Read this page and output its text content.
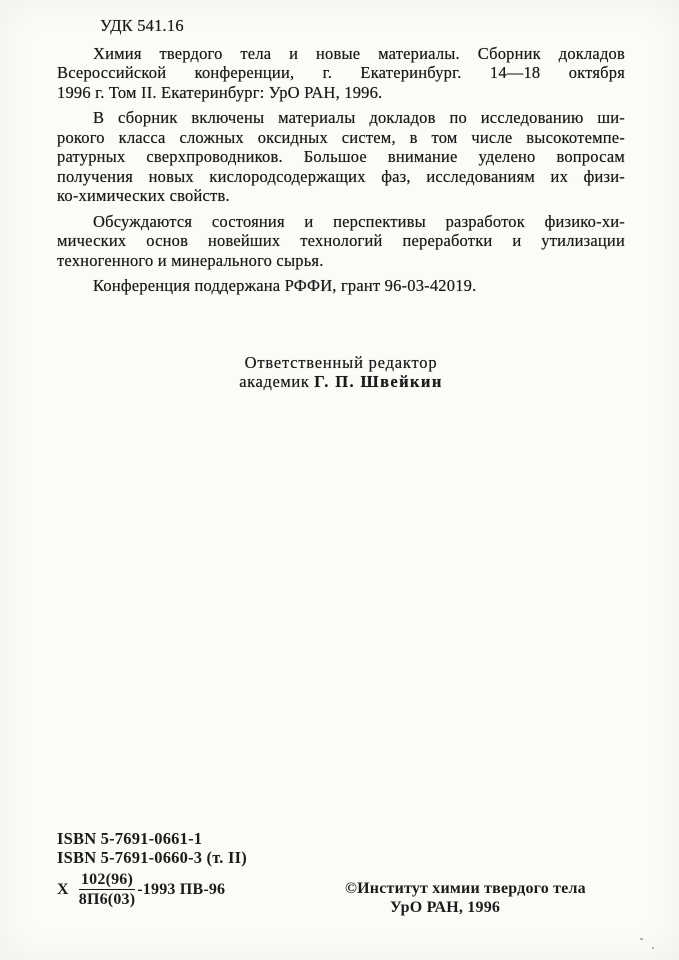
УДК 541.16
Химия твердого тела и новые материалы. Сборник докладов
Всероссийской конференции, г. Екатеринбург. 14—18 октября
1996 г. Том II. Екатеринбург: УрО РАН, 1996.
В сборник включены материалы докладов по исследованию ши-
рокого класса сложных оксидных систем, в том числе высокотемпе-
ратурных сверхпроводников. Большое внимание уделено вопросам
получения новых кислородсодержащих фаз, исследованиям их физи-
ко-химических свойств.
Обсуждаются состояния и перспективы разработок физико-хи-
мических основ новейших технологий переработки и утилизации
техногенного и минерального сырья.
Конференция поддержана РФФИ, грант 96-03-42019.
Ответственный редактор
академик Г. П. Швейкин
ISBN 5-7691-0661-1
ISBN 5-7691-0660-3 (т. II)
Х $\frac{102(96)}{8П6(03)} -1993$ ПВ-96	©Институт химии твердого тела
УрО РАН, 1996
